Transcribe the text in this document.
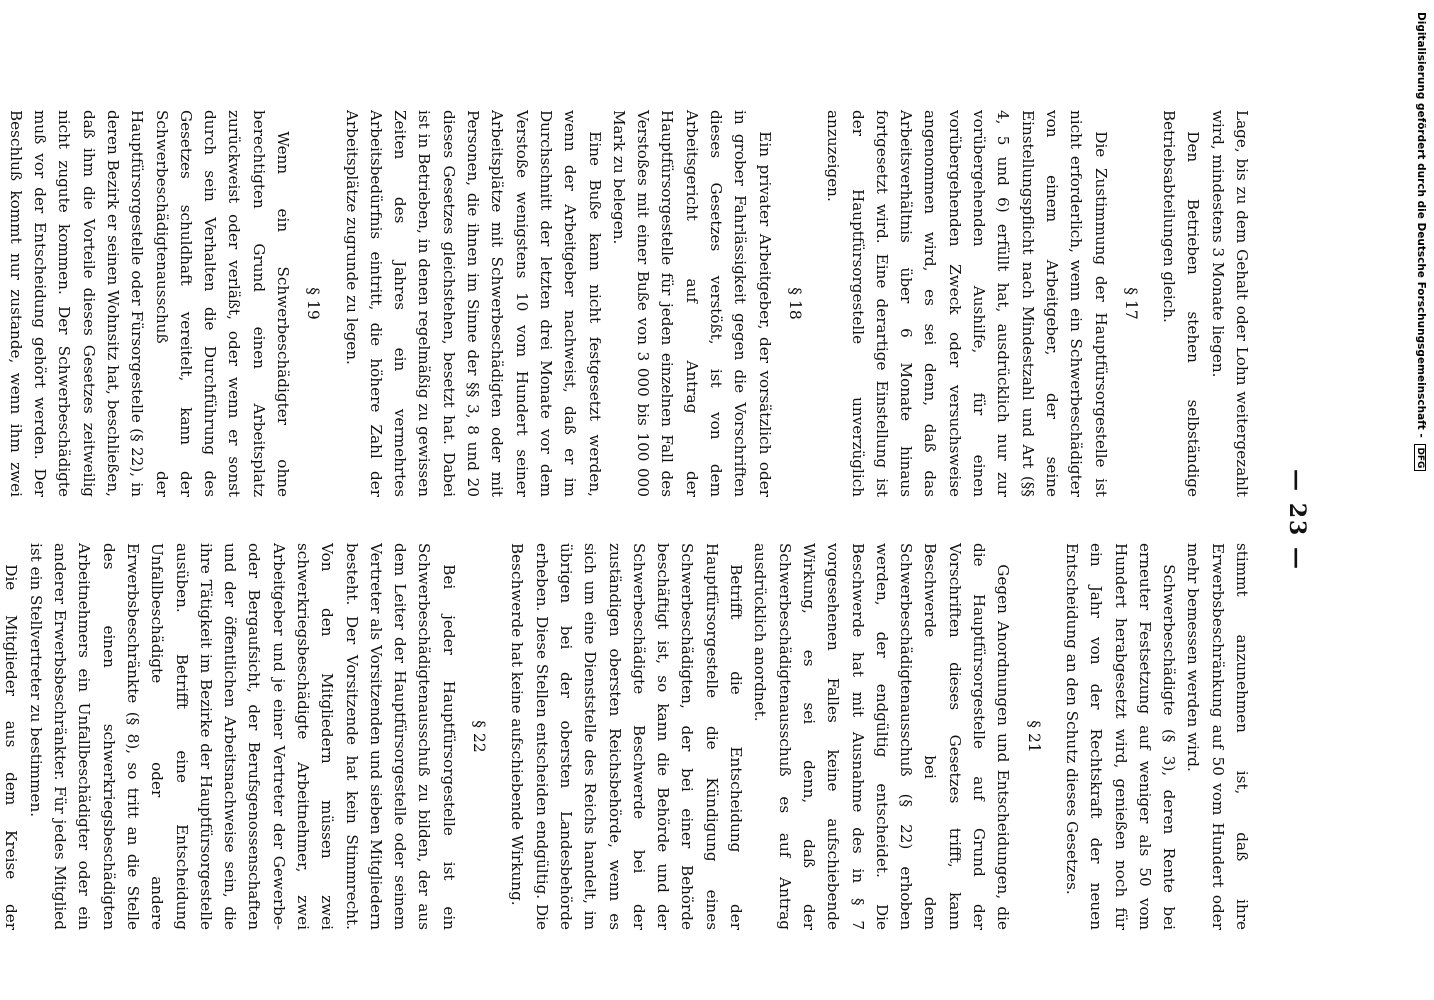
— 23 —

Lage, bis zu dem Gehalt oder Lohn weitergezahlt wird, mindestens 3 Monate liegen.

Den Betrieben stehen selbständige Betriebsabteilungen gleich.

§ 17

Die Zustimmung der Hauptfürsorgestelle ist nicht erforderlich, wenn ein Schwerbeschädigter von einem Arbeitgeber, der seine Einstellungspflicht nach Mindestzahl und Art (§§ 4, 5 und 6) erfüllt hat, ausdrücklich nur zur vorübergehenden Aushilfe, für einen vorübergehenden Zweck oder versuchsweise angenommen wird, es sei denn, daß das Arbeitsverhältnis über 6 Monate hinaus fortgesetzt wird. Eine derartige Einstellung ist der Hauptfürsorgestelle unverzüglich anzuzeigen.

§ 18

Ein privater Arbeitgeber, der vorsätzlich oder in grober Fahrlässigkeit gegen die Vorschriften dieses Gesetzes verstößt, ist von dem Arbeitsgericht auf Antrag der Hauptfürsorgestelle für jeden einzelnen Fall des Verstoßes mit einer Buße von 3 000 bis 100 000 Mark zu belegen.

Eine Buße kann nicht festgesetzt werden, wenn der Arbeitgeber nachweist, daß er im Durchschnitt der letzten drei Monate vor dem Verstoße wenigstens 10 vom Hundert seiner Arbeitsplätze mit Schwerbeschädigten oder mit Personen, die ihnen im Sinne der §§ 3, 8 und 20 dieses Gesetzes gleichstehen, besetzt hat. Dabei ist in Betrieben, in denen regelmäßig zu gewissen Zeiten des Jahres ein vermehrtes Arbeitsbedürfnis eintritt, die höhere Zahl der Arbeitsplätze zugrunde zu legen.

§ 19

Wenn ein Schwerbeschädigter ohne berechtigten Grund einen Arbeitsplatz zurückweist oder verläßt, oder wenn er sonst durch sein Verhalten die Durchführung des Gesetzes schuldhaft vereitelt, kann der Schwerbeschädigtenausschuß der Hauptfürsorgestelle oder Fürsorgestelle (§ 22), in deren Bezirk er seinen Wohnsitz hat, beschließen, daß ihm die Vorteile dieses Gesetzes zeitweilig nicht zugute kommen. Der Schwerbeschädigte muß vor der Entscheidung gehört werden. Der Beschluß kommt nur zustande, wenn ihm zwei

stimmt anzunehmen ist, daß ihre Erwerbsbeschränkung auf 50 vom Hundert oder mehr bemessen werden wird.

Schwerbeschädigte (§ 3), deren Rente bei erneuter Festsetzung auf weniger als 50 vom Hundert herabgesetzt wird, genießen noch für ein Jahr von der Rechtskraft der neuen Entscheidung an den Schutz dieses Gesetzes.

§ 21

Gegen Anordnungen und Entscheidungen, die die Hauptfürsorgestelle auf Grund der Vorschriften dieses Gesetzes trifft, kann Beschwerde bei dem Schwerbeschädigtenausschuß (§ 22) erhoben werden, der endgültig entscheidet. Die Beschwerde hat mit Ausnahme des in § 7 vorgesehenen Falles keine aufschiebende Wirkung, es sei denn, daß der Schwerbeschädigtenausschuß es auf Antrag ausdrücklich anordnet.

Betrifft die Entscheidung der Hauptfürsorgestelle die Kündigung eines Schwerbeschädigten, der bei einer Behörde beschäftigt ist, so kann die Behörde und der Schwerbeschädigte Beschwerde bei der zuständigen obersten Reichsbehörde, wenn es sich um eine Dienststelle des Reichs handelt, im übrigen bei der obersten Landesbehörde erheben. Diese Stellen entscheiden endgültig. Die Beschwerde hat keine aufschiebende Wirkung.

§ 22

Bei jeder Hauptfürsorgestelle ist ein Schwerbeschädigtenausschuß zu bilden, der aus dem Leiter der Hauptfürsorgestelle oder seinem Vertreter als Vorsitzenden und sieben Mitgliedern besteht. Der Vorsitzende hat kein Stimmrecht. Von den Mitgliedern müssen zwei schwerkriegsbeschädigte Arbeitnehmer, zwei Arbeitgeber und je einer Vertreter der Gewerbe- oder Bergaufsicht, der Berufsgenossenschaften und der öffentlichen Arbeitsnachweise sein, die ihre Tätigkeit im Bezirke der Hauptfürsorgestelle ausüben. Betrifft eine Entscheidung Unfallbeschädigte oder andere Erwerbsbeschränkte (§ 8), so tritt an die Stelle des einen schwerkriegsbeschädigten Arbeitnehmers ein Unfallbeschädigter oder ein anderer Erwerbsbeschränkter. Für jedes Mitglied ist ein Stellvertreter zu bestimmen.

Die Mitglieder aus dem Kreise der

Digitalisierung gefördert durch die Deutsche Forschungsgemeinschaft - DFG
